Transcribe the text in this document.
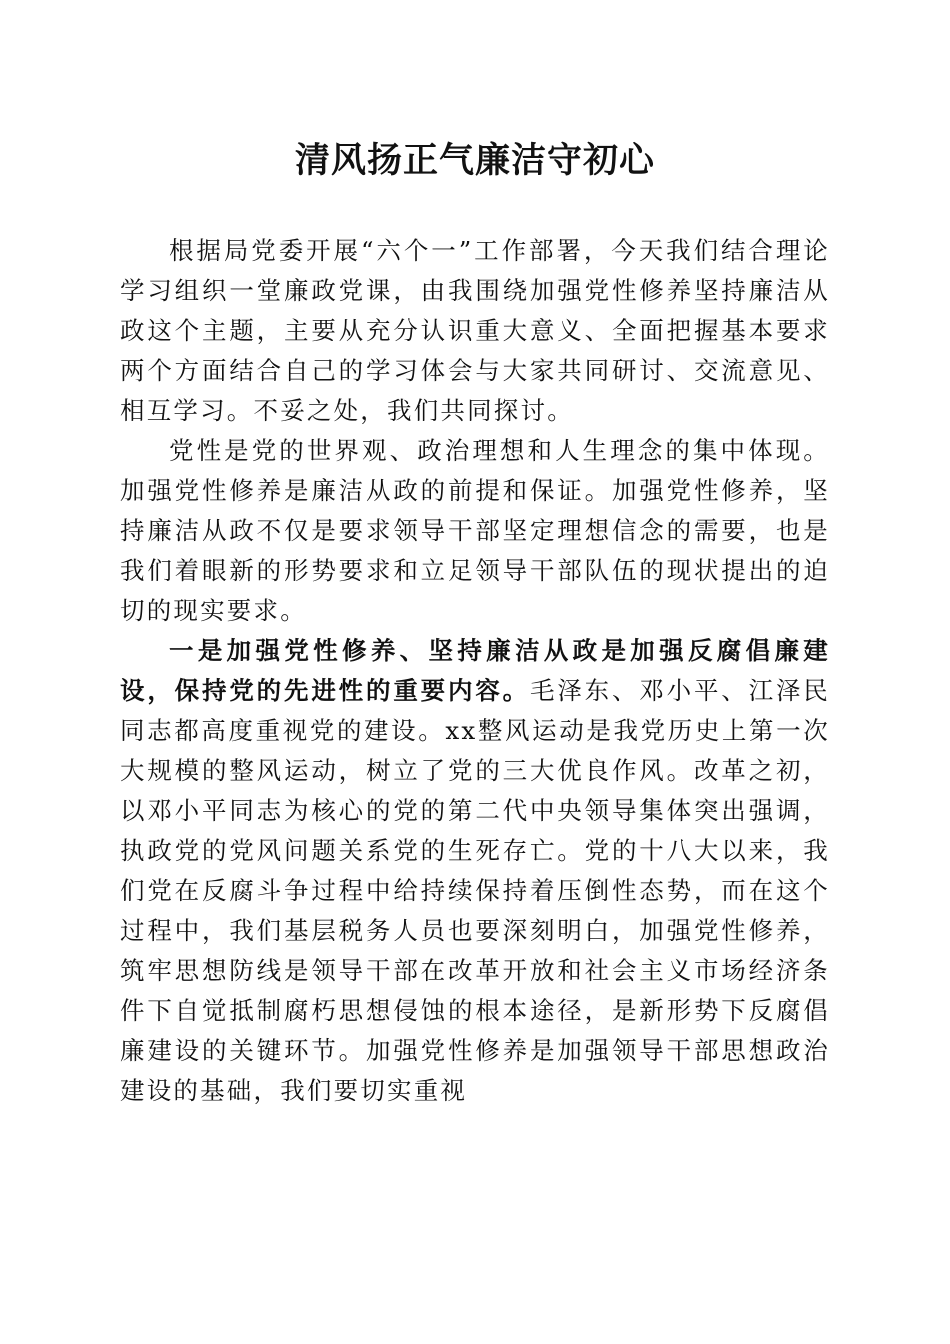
清风扬正气廉洁守初心

根据局党委开展“六个一”工作部署，今天我们结合理论学习组织一堂廉政党课，由我围绕加强党性修养坚持廉洁从政这个主题，主要从充分认识重大意义、全面把握基本要求两个方面结合自己的学习体会与大家共同研讨、交流意见、相互学习。不妥之处，我们共同探讨。

党性是党的世界观、政治理想和人生理念的集中体现。加强党性修养是廉洁从政的前提和保证。加强党性修养，坚持廉洁从政不仅是要求领导干部坚定理想信念的需要，也是我们着眼新的形势要求和立足领导干部队伍的现状提出的迫切的现实要求。

一是加强党性修养、坚持廉洁从政是加强反腐倡廉建设，保持党的先进性的重要内容。毛泽东、邓小平、江泽民同志都高度重视党的建设。xx整风运动是我党历史上第一次大规模的整风运动，树立了党的三大优良作风。改革之初，以邓小平同志为核心的党的第二代中央领导集体突出强调，执政党的党风问题关系党的生死存亡。党的十八大以来，我们党在反腐斗争过程中给持续保持着压倒性态势，而在这个过程中，我们基层税务人员也要深刻明白，加强党性修养，筑牢思想防线是领导干部在改革开放和社会主义市场经济条件下自觉抵制腐朽思想侵蚀的根本途径，是新形势下反腐倡廉建设的关键环节。加强党性修养是加强领导干部思想政治建设的基础，我们要切实重视
